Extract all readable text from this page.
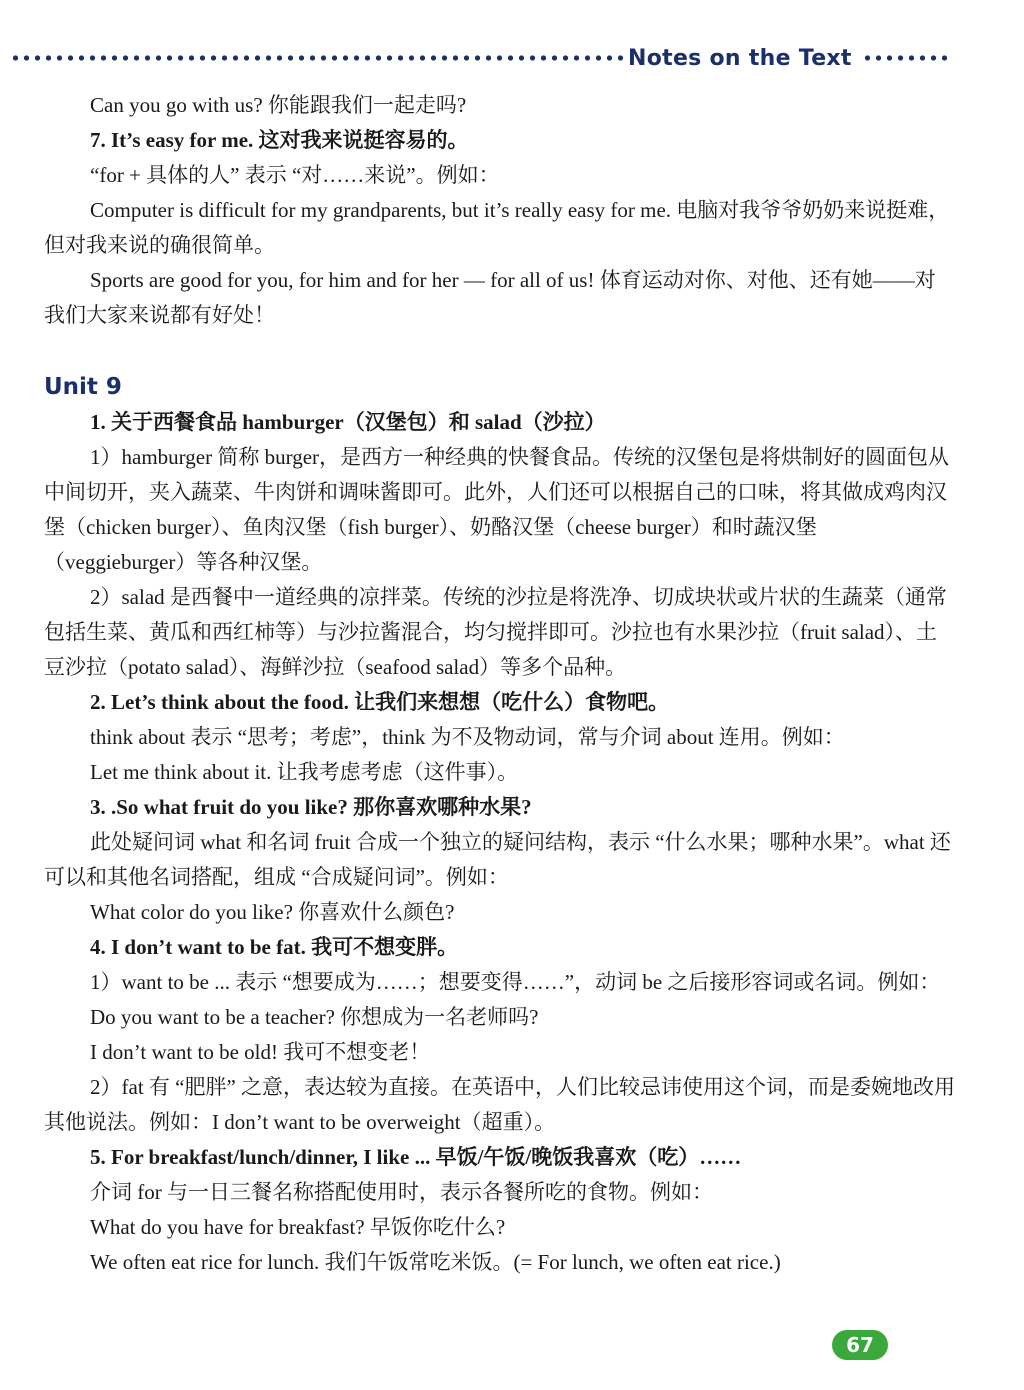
Notes on the Text

Can you go with us? 你能跟我们一起走吗?

7. It’s easy for me. 这对我来说挺容易的。

“for + 具体的人” 表示 “对……来说”。例如：

Computer is difficult for my grandparents, but it’s really easy for me. 电脑对我爷爷奶奶来说挺难，但对我来说的确很简单。

Sports are good for you, for him and for her — for all of us! 体育运动对你、对他、还有她——对我们大家来说都有好处！

Unit 9

1. 关于西餐食品 hamburger（汉堡包）和 salad（沙拉）

1）hamburger 简称 burger，是西方一种经典的快餐食品。传统的汉堡包是将烘制好的圆面包从中间切开，夹入蔬菜、牛肉饼和调味酱即可。此外，人们还可以根据自己的口味，将其做成鸡肉汉堡（chicken burger）、鱼肉汉堡（fish burger）、奶酪汉堡（cheese burger）和时蔬汉堡（veggieburger）等各种汉堡。

2）salad 是西餐中一道经典的凉拌菜。传统的沙拉是将洗净、切成块状或片状的生蔬菜（通常包括生菜、黄瓜和西红柿等）与沙拉酱混合，均匀搅拌即可。沙拉也有水果沙拉（fruit salad）、土豆沙拉（potato salad）、海鲜沙拉（seafood salad）等多个品种。

2. Let’s think about the food. 让我们来想想（吃什么）食物吧。

think about 表示 “思考；考虑”，think 为不及物动词，常与介词 about 连用。例如：

Let me think about it. 让我考虑考虑（这件事）。

3. .So what fruit do you like? 那你喜欢哪种水果?

此处疑问词 what 和名词 fruit 合成一个独立的疑问结构，表示 “什么水果；哪种水果”。what 还可以和其他名词搭配，组成 “合成疑问词”。例如：

What color do you like? 你喜欢什么颜色?

4. I don’t want to be fat. 我可不想变胖。

1）want to be ... 表示 “想要成为……；想要变得……”，动词 be 之后接形容词或名词。例如：

Do you want to be a teacher? 你想成为一名老师吗?

I don’t want to be old! 我可不想变老！

2）fat 有 “肥胖” 之意，表达较为直接。在英语中，人们比较忌讳使用这个词，而是委婉地改用其他说法。例如：I don’t want to be overweight（超重）。

5. For breakfast/lunch/dinner, I like ... 早饭/午饭/晚饭我喜欢（吃）……

介词 for 与一日三餐名称搭配使用时，表示各餐所吃的食物。例如：

What do you have for breakfast? 早饭你吃什么?

We often eat rice for lunch. 我们午饭常吃米饭。(= For lunch, we often eat rice.)

67
